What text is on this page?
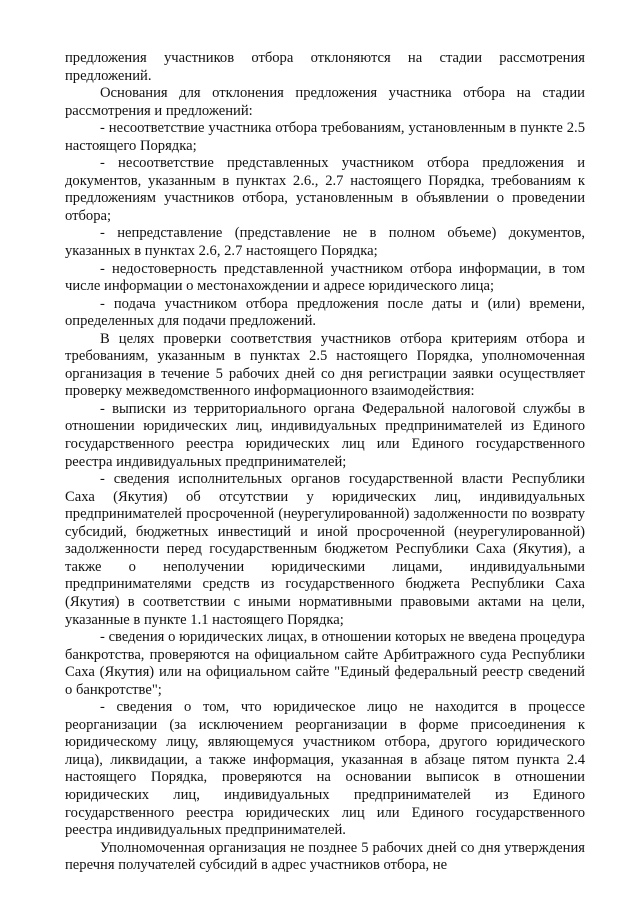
предложения участников отбора отклоняются на стадии рассмотрения предложений.

Основания для отклонения предложения участника отбора на стадии рассмотрения и предложений:

- несоответствие участника отбора требованиям, установленным в пункте 2.5 настоящего Порядка;

- несоответствие представленных участником отбора предложения и документов, указанным в пунктах 2.6., 2.7 настоящего Порядка, требованиям к предложениям участников отбора, установленным в объявлении о проведении отбора;

- непредставление (представление не в полном объеме) документов, указанных в пунктах 2.6, 2.7 настоящего Порядка;

- недостоверность представленной участником отбора информации, в том числе информации о местонахождении и адресе юридического лица;

- подача участником отбора предложения после даты и (или) времени, определенных для подачи предложений.

В целях проверки соответствия участников отбора критериям отбора и требованиям, указанным в пунктах 2.5 настоящего Порядка, уполномоченная организация в течение 5 рабочих дней со дня регистрации заявки осуществляет проверку межведомственного информационного взаимодействия:

- выписки из территориального органа Федеральной налоговой службы в отношении юридических лиц, индивидуальных предпринимателей из Единого государственного реестра юридических лиц или Единого государственного реестра индивидуальных предпринимателей;

- сведения исполнительных органов государственной власти Республики Саха (Якутия) об отсутствии у юридических лиц, индивидуальных предпринимателей просроченной (неурегулированной) задолженности по возврату субсидий, бюджетных инвестиций и иной просроченной (неурегулированной) задолженности перед государственным бюджетом Республики Саха (Якутия), а также о неполучении юридическими лицами, индивидуальными предпринимателями средств из государственного бюджета Республики Саха (Якутия) в соответствии с иными нормативными правовыми актами на цели, указанные в пункте 1.1 настоящего Порядка;

- сведения о юридических лицах, в отношении которых не введена процедура банкротства, проверяются на официальном сайте Арбитражного суда Республики Саха (Якутия) или на официальном сайте "Единый федеральный реестр сведений о банкротстве";

- сведения о том, что юридическое лицо не находится в процессе реорганизации (за исключением реорганизации в форме присоединения к юридическому лицу, являющемуся участником отбора, другого юридического лица), ликвидации, а также информация, указанная в абзаце пятом пункта 2.4 настоящего Порядка, проверяются на основании выписок в отношении юридических лиц, индивидуальных предпринимателей из Единого государственного реестра юридических лиц или Единого государственного реестра индивидуальных предпринимателей.

Уполномоченная организация не позднее 5 рабочих дней со дня утверждения перечня получателей субсидий в адрес участников отбора, не
